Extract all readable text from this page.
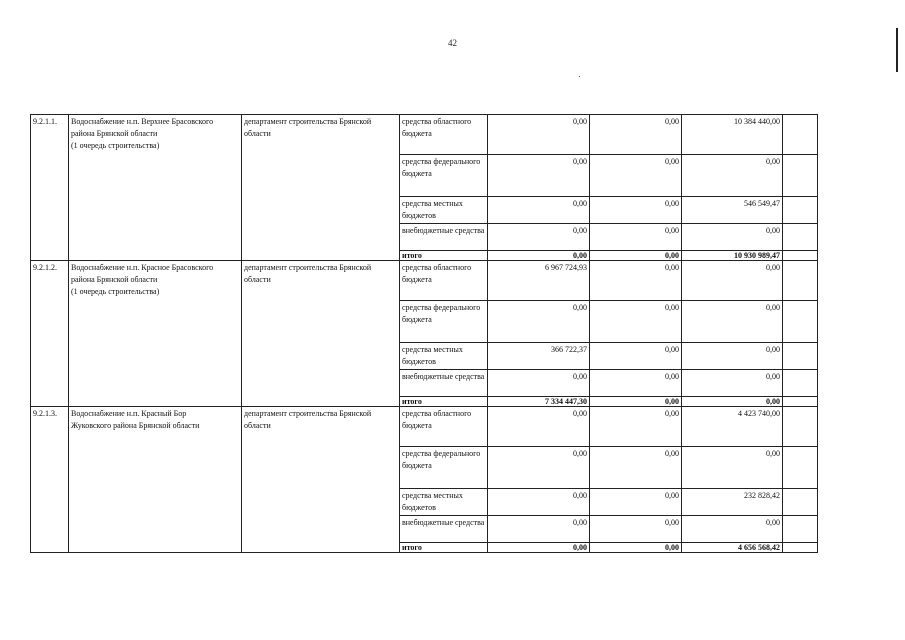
42
9.2.1.1.	Водоснабжение н.п. Верхнее Брасовского
района Брянской области
(1 очередь строительства)	департамент строительства Брянской
области	средства областного бюджета	0,00	0,00	10 384 440,00	
			средства федерального бюджета	0,00	0,00	0,00	
			средства местных бюджетов	0,00	0,00	546 549,47	
			внебюджетные средства	0,00	0,00	0,00	
			итого	0,00	0,00	10 930 989,47	
9.2.1.2.	Водоснабжение н.п. Красное Брасовского
района Брянской области
(1 очередь строительства)	департамент строительства Брянской
области	средства областного бюджета	6 967 724,93	0,00	0,00	
			средства федерального бюджета	0,00	0,00	0,00	
			средства местных бюджетов	366 722,37	0,00	0,00	
			внебюджетные средства	0,00	0,00	0,00	
			итого	7 334 447,30	0,00	0,00	
9.2.1.3.	Водоснабжение н.п. Красный Бор
Жуковского района Брянской области	департамент строительства Брянской
области	средства областного бюджета	0,00	0,00	4 423 740,00	
			средства федерального бюджета	0,00	0,00	0,00	
			средства местных бюджетов	0,00	0,00	232 828,42	
			внебюджетные средства	0,00	0,00	0,00	
			итого	0,00	0,00	4 656 568,42	
